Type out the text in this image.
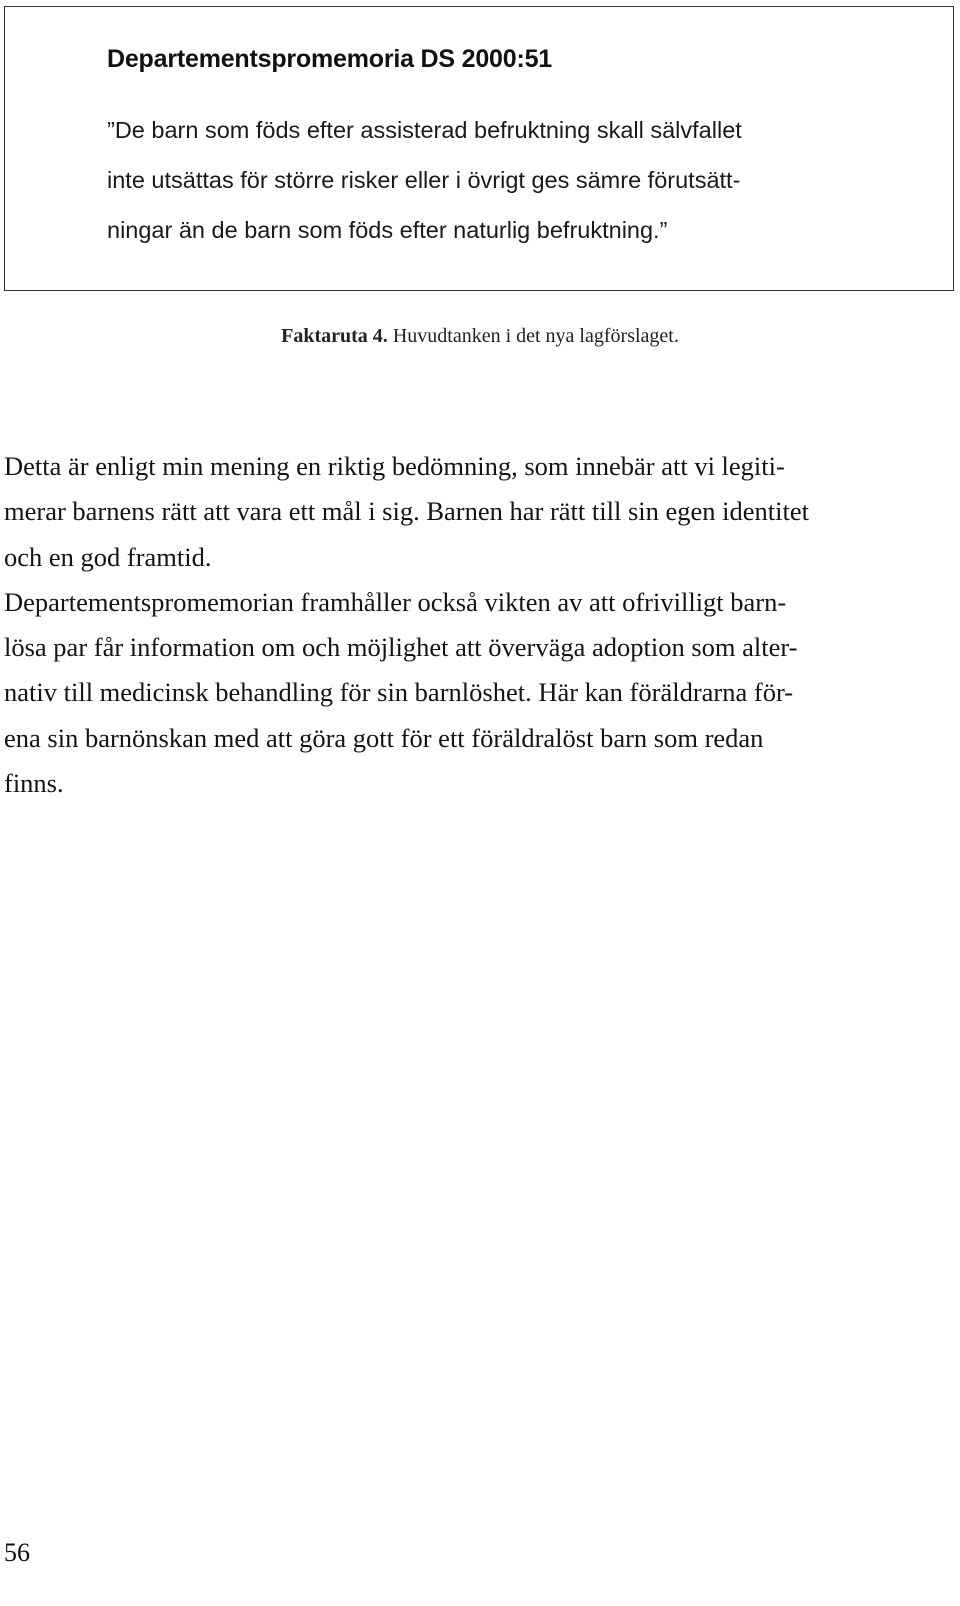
Departementspromemoria DS 2000:51

”De barn som föds efter assisterad befruktning skall sälvfallet
inte utsättas för större risker eller i övrigt ges sämre förutsätt-
ningar än de barn som föds efter naturlig befruktning.”

Faktaruta 4. Huvudtanken i det nya lagförslaget.

Detta är enligt min mening en riktig bedömning, som innebär att vi legiti-
merar barnens rätt att vara ett mål i sig. Barnen har rätt till sin egen identitet
och en god framtid.
Departementspromemorian framhåller också vikten av att ofrivilligt barn-
lösa par får information om och möjlighet att överväga adoption som alter-
nativ till medicinsk behandling för sin barnlöshet. Här kan föräldrarna för-
ena sin barnönskan med att göra gott för ett föräldralöst barn som redan
finns.

56
